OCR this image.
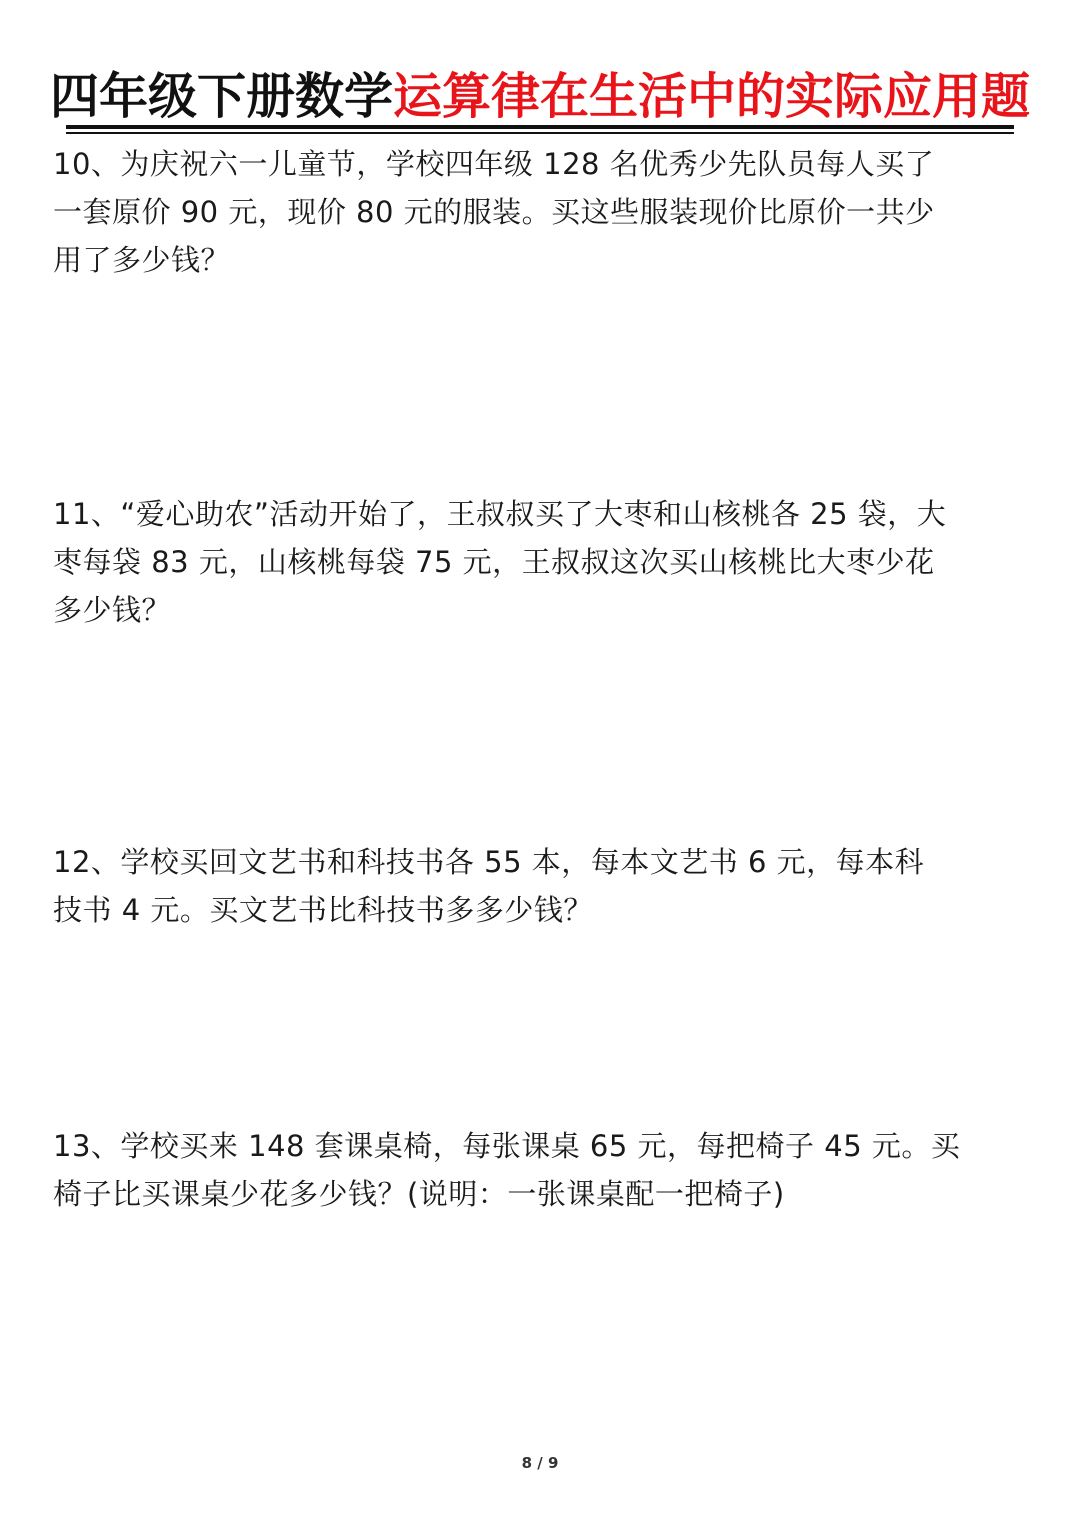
四年级下册数学运算律在生活中的实际应用题
10、为庆祝六一儿童节，学校四年级 128 名优秀少先队员每人买了
一套原价 90 元，现价 80 元的服装。买这些服装现价比原价一共少
用了多少钱？
11、“爱心助农”活动开始了，王叔叔买了大枣和山核桃各 25 袋，大
枣每袋 83 元，山核桃每袋 75 元，王叔叔这次买山核桃比大枣少花
多少钱？
12、学校买回文艺书和科技书各 55 本，每本文艺书 6 元，每本科
技书 4 元。买文艺书比科技书多多少钱？
13、学校买来 148 套课桌椅，每张课桌 65 元，每把椅子 45 元。买
椅子比买课桌少花多少钱？(说明：一张课桌配一把椅子)
8 / 9
